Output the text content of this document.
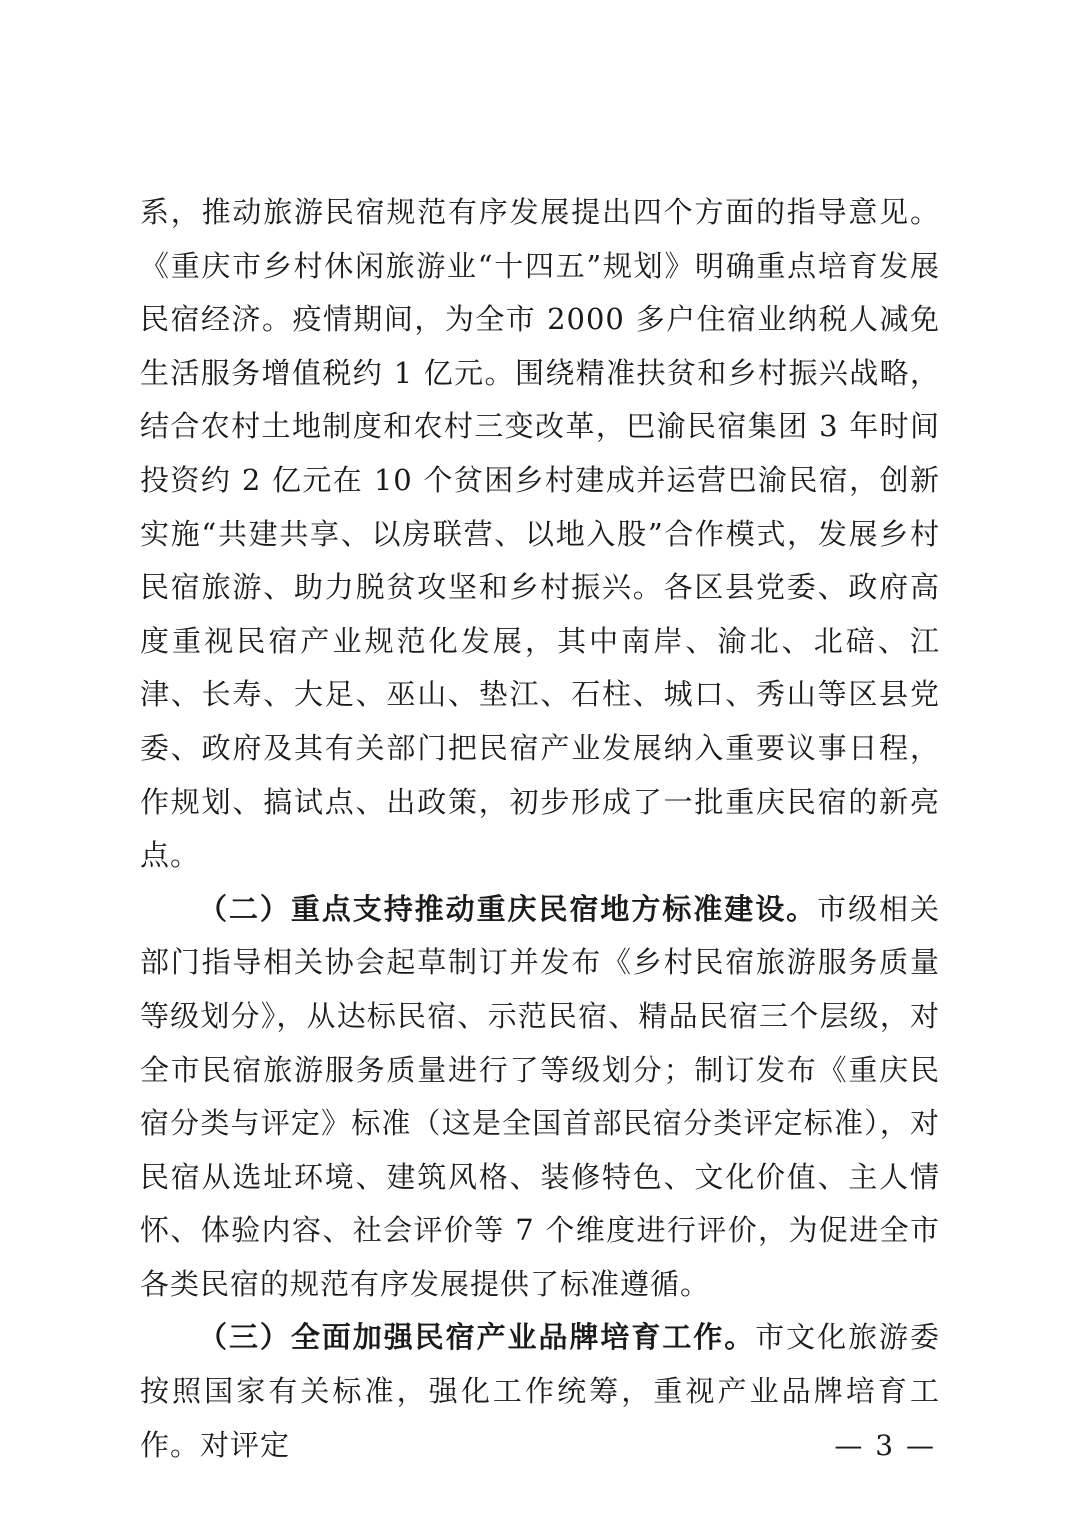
系，推动旅游民宿规范有序发展提出四个方面的指导意见。《重庆市乡村休闲旅游业“十四五”规划》明确重点培育发展民宿经济。疫情期间，为全市 2000 多户住宿业纳税人减免生活服务增值税约 1 亿元。围绕精准扶贫和乡村振兴战略，结合农村土地制度和农村三变改革，巴渝民宿集团 3 年时间投资约 2 亿元在 10 个贫困乡村建成并运营巴渝民宿，创新实施“共建共享、以房联营、以地入股”合作模式，发展乡村民宿旅游、助力脱贫攻坚和乡村振兴。各区县党委、政府高度重视民宿产业规范化发展，其中南岸、渝北、北碚、江津、长寿、大足、巫山、垫江、石柱、城口、秀山等区县党委、政府及其有关部门把民宿产业发展纳入重要议事日程，作规划、搞试点、出政策，初步形成了一批重庆民宿的新亮点。

（二）重点支持推动重庆民宿地方标准建设。市级相关部门指导相关协会起草制订并发布《乡村民宿旅游服务质量等级划分》，从达标民宿、示范民宿、精品民宿三个层级，对全市民宿旅游服务质量进行了等级划分；制订发布《重庆民宿分类与评定》标准（这是全国首部民宿分类评定标准），对民宿从选址环境、建筑风格、装修特色、文化价值、主人情怀、体验内容、社会评价等 7 个维度进行评价，为促进全市各类民宿的规范有序发展提供了标准遵循。

（三）全面加强民宿产业品牌培育工作。市文化旅游委按照国家有关标准，强化工作统筹，重视产业品牌培育工作。对评定	— 3 —
